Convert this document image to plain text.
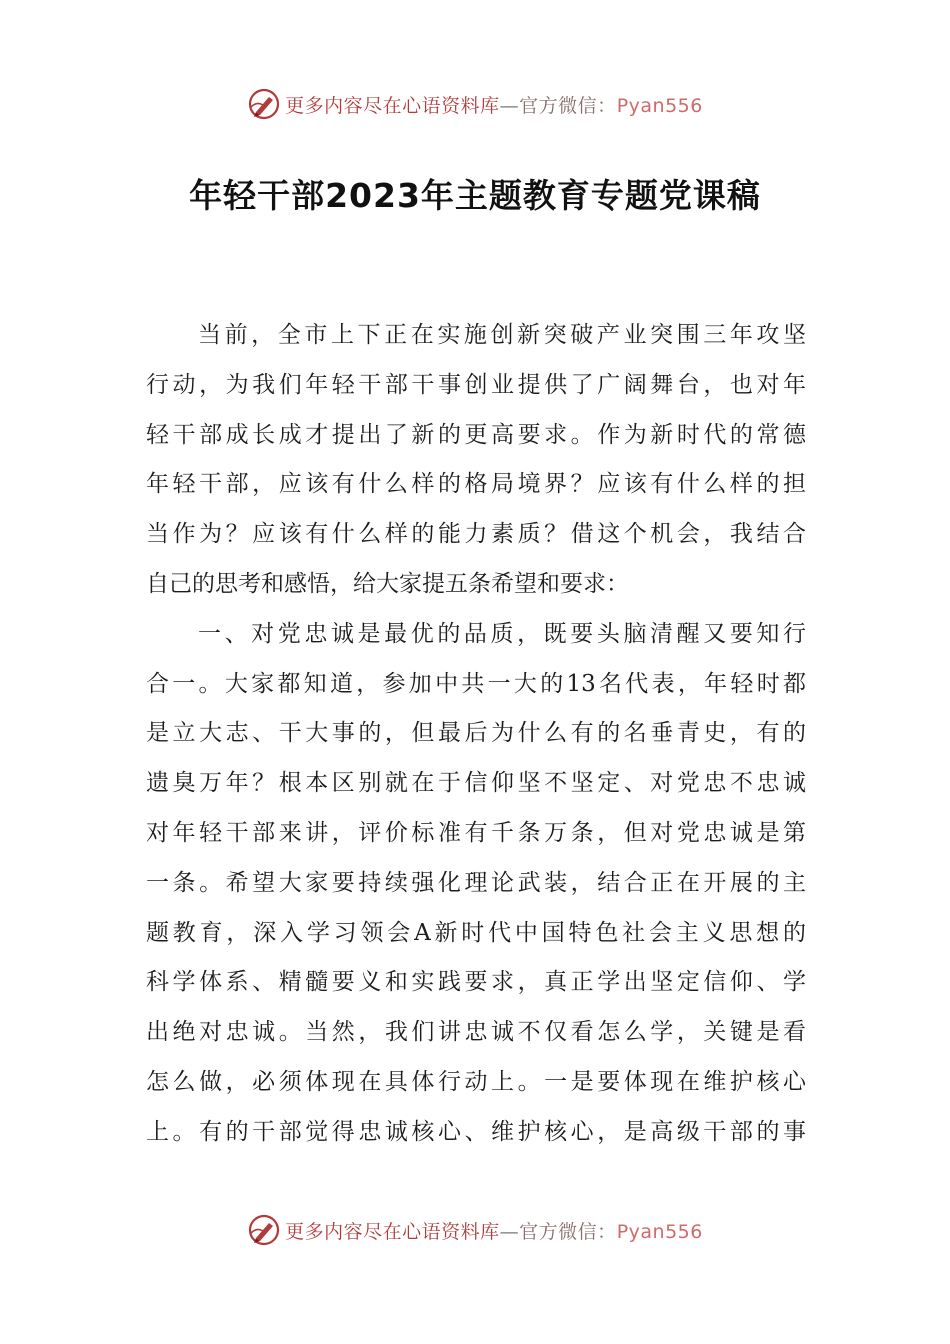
更多内容尽在心语资料库—官方微信：Pyan556
年轻干部2023年主题教育专题党课稿
当前，全市上下正在实施创新突破产业突围三年攻坚
行动，为我们年轻干部干事创业提供了广阔舞台，也对年
轻干部成长成才提出了新的更高要求。作为新时代的常德
年轻干部，应该有什么样的格局境界？应该有什么样的担
当作为？应该有什么样的能力素质？借这个机会，我结合
自己的思考和感悟，给大家提五条希望和要求：
一、对党忠诚是最优的品质，既要头脑清醒又要知行
合一。大家都知道，参加中共一大的13名代表，年轻时都
是立大志、干大事的，但最后为什么有的名垂青史，有的
遗臭万年？根本区别就在于信仰坚不坚定、对党忠不忠诚
对年轻干部来讲，评价标准有千条万条，但对党忠诚是第
一条。希望大家要持续强化理论武装，结合正在开展的主
题教育，深入学习领会A新时代中国特色社会主义思想的
科学体系、精髓要义和实践要求，真正学出坚定信仰、学
出绝对忠诚。当然，我们讲忠诚不仅看怎么学，关键是看
怎么做，必须体现在具体行动上。一是要体现在维护核心
上。有的干部觉得忠诚核心、维护核心，是高级干部的事
更多内容尽在心语资料库—官方微信：Pyan556
